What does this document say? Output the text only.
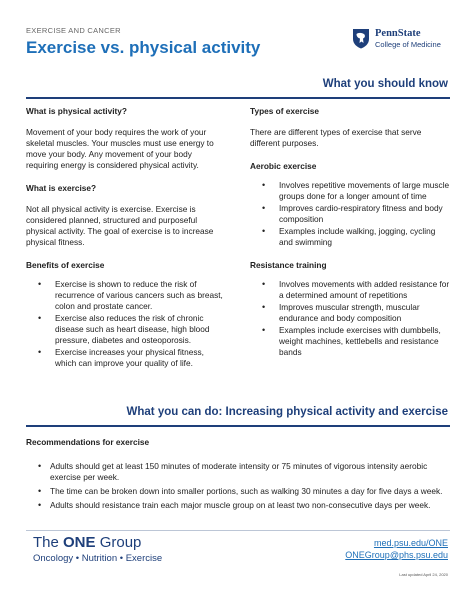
EXERCISE AND CANCER
Exercise vs. physical activity
PennState
College of Medicine
What you should know
What is physical activity?

Movement of your body requires the work of your skeletal muscles. Your muscles must use energy to move your body. Any movement of your body requiring energy is considered physical activity.

What is exercise?

Not all physical activity is exercise. Exercise is considered planned, structured and purposeful physical activity. The goal of exercise is to increase physical fitness.

Benefits of exercise
• Exercise is shown to reduce the risk of recurrence of various cancers such as breast, colon and prostate cancer.
• Exercise also reduces the risk of chronic disease such as heart disease, high blood pressure, diabetes and osteoporosis.
• Exercise increases your physical fitness, which can improve your quality of life.
Types of exercise

There are different types of exercise that serve different purposes.

Aerobic exercise
• Involves repetitive movements of large muscle groups done for a longer amount of time
• Improves cardio-respiratory fitness and body composition
• Examples include walking, jogging, cycling and swimming
Resistance training
• Involves movements with added resistance for a determined amount of repetitions
• Improves muscular strength, muscular endurance and body composition
• Examples include exercises with dumbbells, weight machines, kettlebells and resistance bands
What you can do: Increasing physical activity and exercise
Recommendations for exercise
• Adults should get at least 150 minutes of moderate intensity or 75 minutes of vigorous intensity aerobic exercise per week.
• The time can be broken down into smaller portions, such as walking 30 minutes a day for five days a week.
• Adults should resistance train each major muscle group on at least two non-consecutive days per week.
The ONE Group
Oncology • Nutrition • Exercise
med.psu.edu/ONE
ONEGroup@phs.psu.edu
Last updated April 24, 2020
